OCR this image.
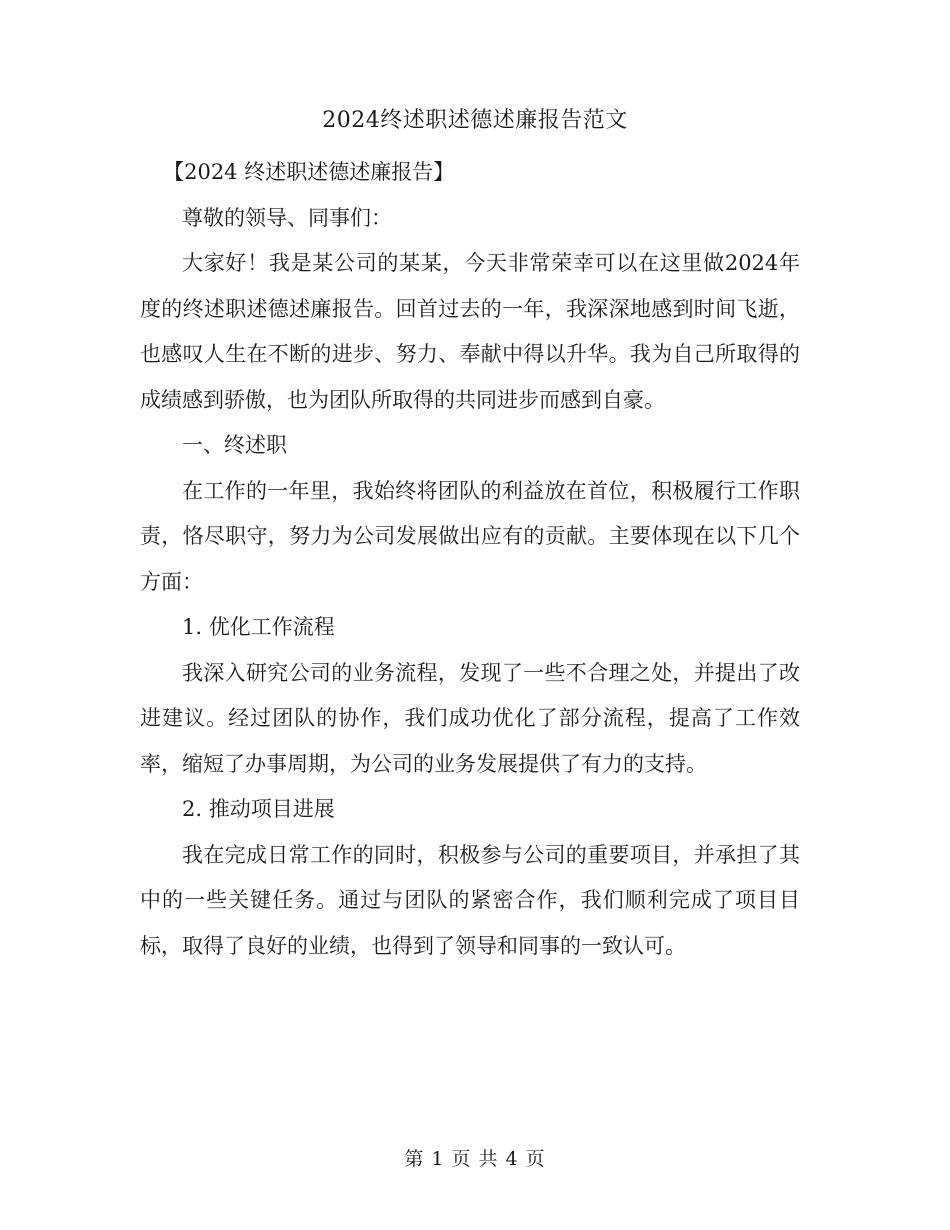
2024终述职述德述廉报告范文

【2024 终述职述德述廉报告】

尊敬的领导、同事们：

大家好！我是某公司的某某，今天非常荣幸可以在这里做2024年度的终述职述德述廉报告。回首过去的一年，我深深地感到时间飞逝，也感叹人生在不断的进步、努力、奉献中得以升华。我为自己所取得的成绩感到骄傲，也为团队所取得的共同进步而感到自豪。

一、终述职

在工作的一年里，我始终将团队的利益放在首位，积极履行工作职责，恪尽职守，努力为公司发展做出应有的贡献。主要体现在以下几个方面：

1. 优化工作流程

我深入研究公司的业务流程，发现了一些不合理之处，并提出了改进建议。经过团队的协作，我们成功优化了部分流程，提高了工作效率，缩短了办事周期，为公司的业务发展提供了有力的支持。

2. 推动项目进展

我在完成日常工作的同时，积极参与公司的重要项目，并承担了其中的一些关键任务。通过与团队的紧密合作，我们顺利完成了项目目标，取得了良好的业绩，也得到了领导和同事的一致认可。

第 1 页 共 4 页
